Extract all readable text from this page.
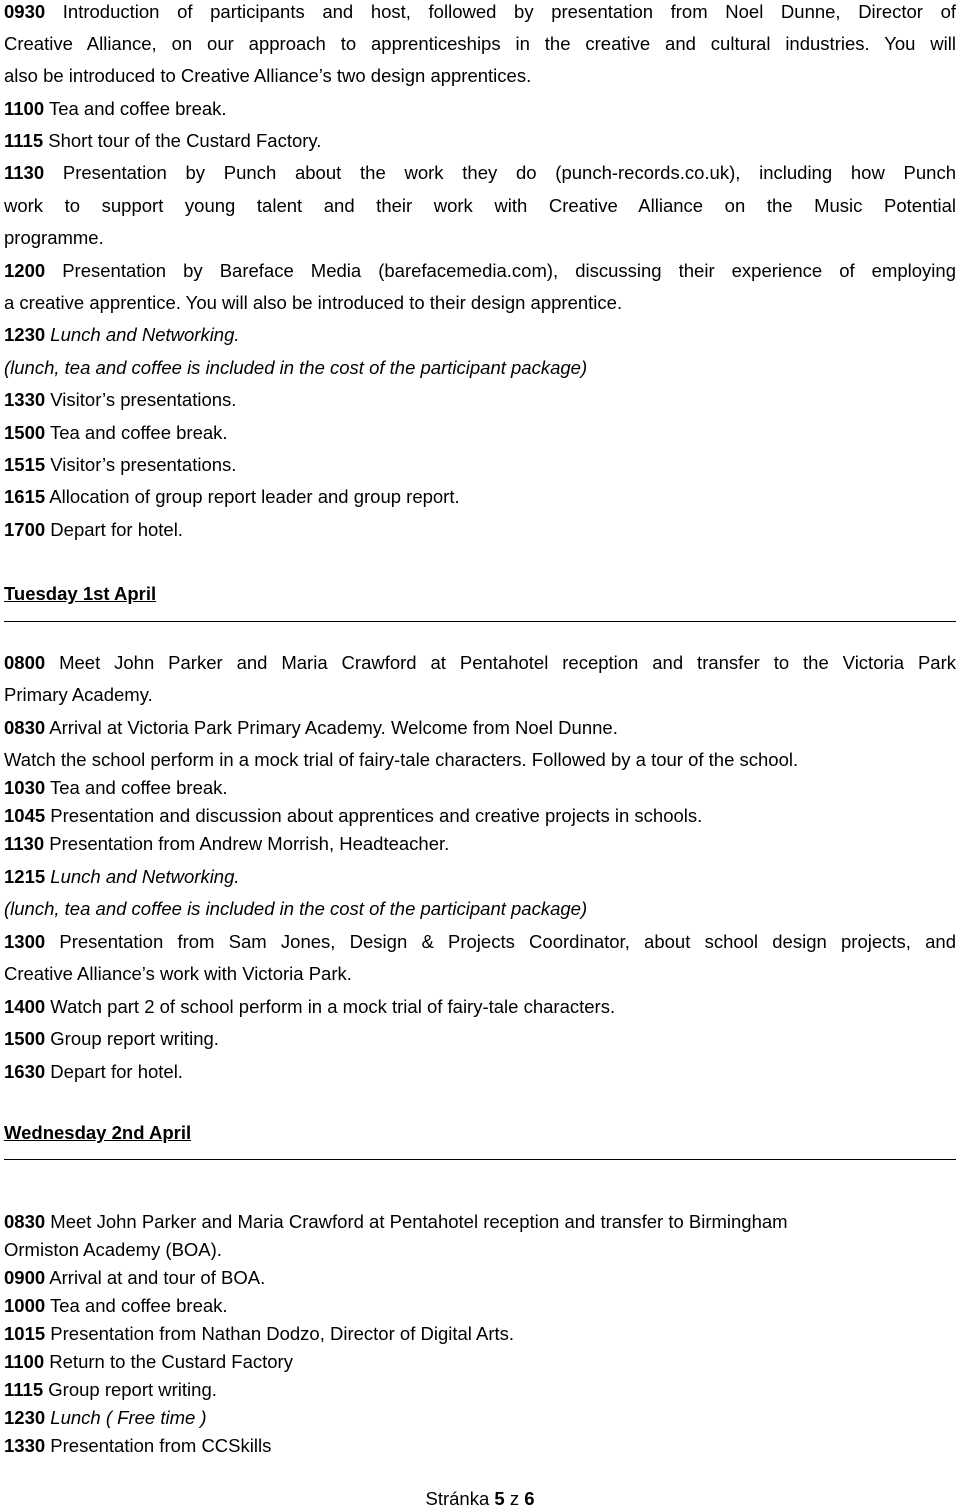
0930 Introduction of participants and host, followed by presentation from Noel Dunne, Director of
Creative Alliance, on our approach to apprenticeships in the creative and cultural industries. You will
also be introduced to Creative Alliance’s two design apprentices.
1100 Tea and coffee break.
1115 Short tour of the Custard Factory.
1130 Presentation by Punch about the work they do (punch-records.co.uk), including how Punch
work to support young talent and their work with Creative Alliance on the Music Potential
programme.
1200 Presentation by Bareface Media (barefacemedia.com), discussing their experience of employing
a creative apprentice. You will also be introduced to their design apprentice.
1230 Lunch and Networking.
(lunch, tea and coffee is included in the cost of the participant package)
1330 Visitor’s presentations.
1500 Tea and coffee break.
1515 Visitor’s presentations.
1615 Allocation of group report leader and group report.
1700 Depart for hotel.
Tuesday 1st April
0800 Meet John Parker and Maria Crawford at Pentahotel reception and transfer to the Victoria Park
Primary Academy.
0830 Arrival at Victoria Park Primary Academy. Welcome from Noel Dunne.
Watch the school perform in a mock trial of fairy-tale characters. Followed by a tour of the school.
1030 Tea and coffee break.
1045 Presentation and discussion about apprentices and creative projects in schools.
1130 Presentation from Andrew Morrish, Headteacher.
1215 Lunch and Networking.
(lunch, tea and coffee is included in the cost of the participant package)
1300 Presentation from Sam Jones, Design & Projects Coordinator, about school design projects, and
Creative Alliance’s work with Victoria Park.
1400 Watch part 2 of school perform in a mock trial of fairy-tale characters.
1500 Group report writing.
1630 Depart for hotel.
Wednesday 2nd April
0830 Meet John Parker and Maria Crawford at Pentahotel reception and transfer to Birmingham
Ormiston Academy (BOA).
0900 Arrival at and tour of BOA.
1000 Tea and coffee break.
1015 Presentation from Nathan Dodzo, Director of Digital Arts.
1100 Return to the Custard Factory
1115 Group report writing.
1230 Lunch ( Free time )
1330 Presentation from CCSkills
Stránka 5 z 6
